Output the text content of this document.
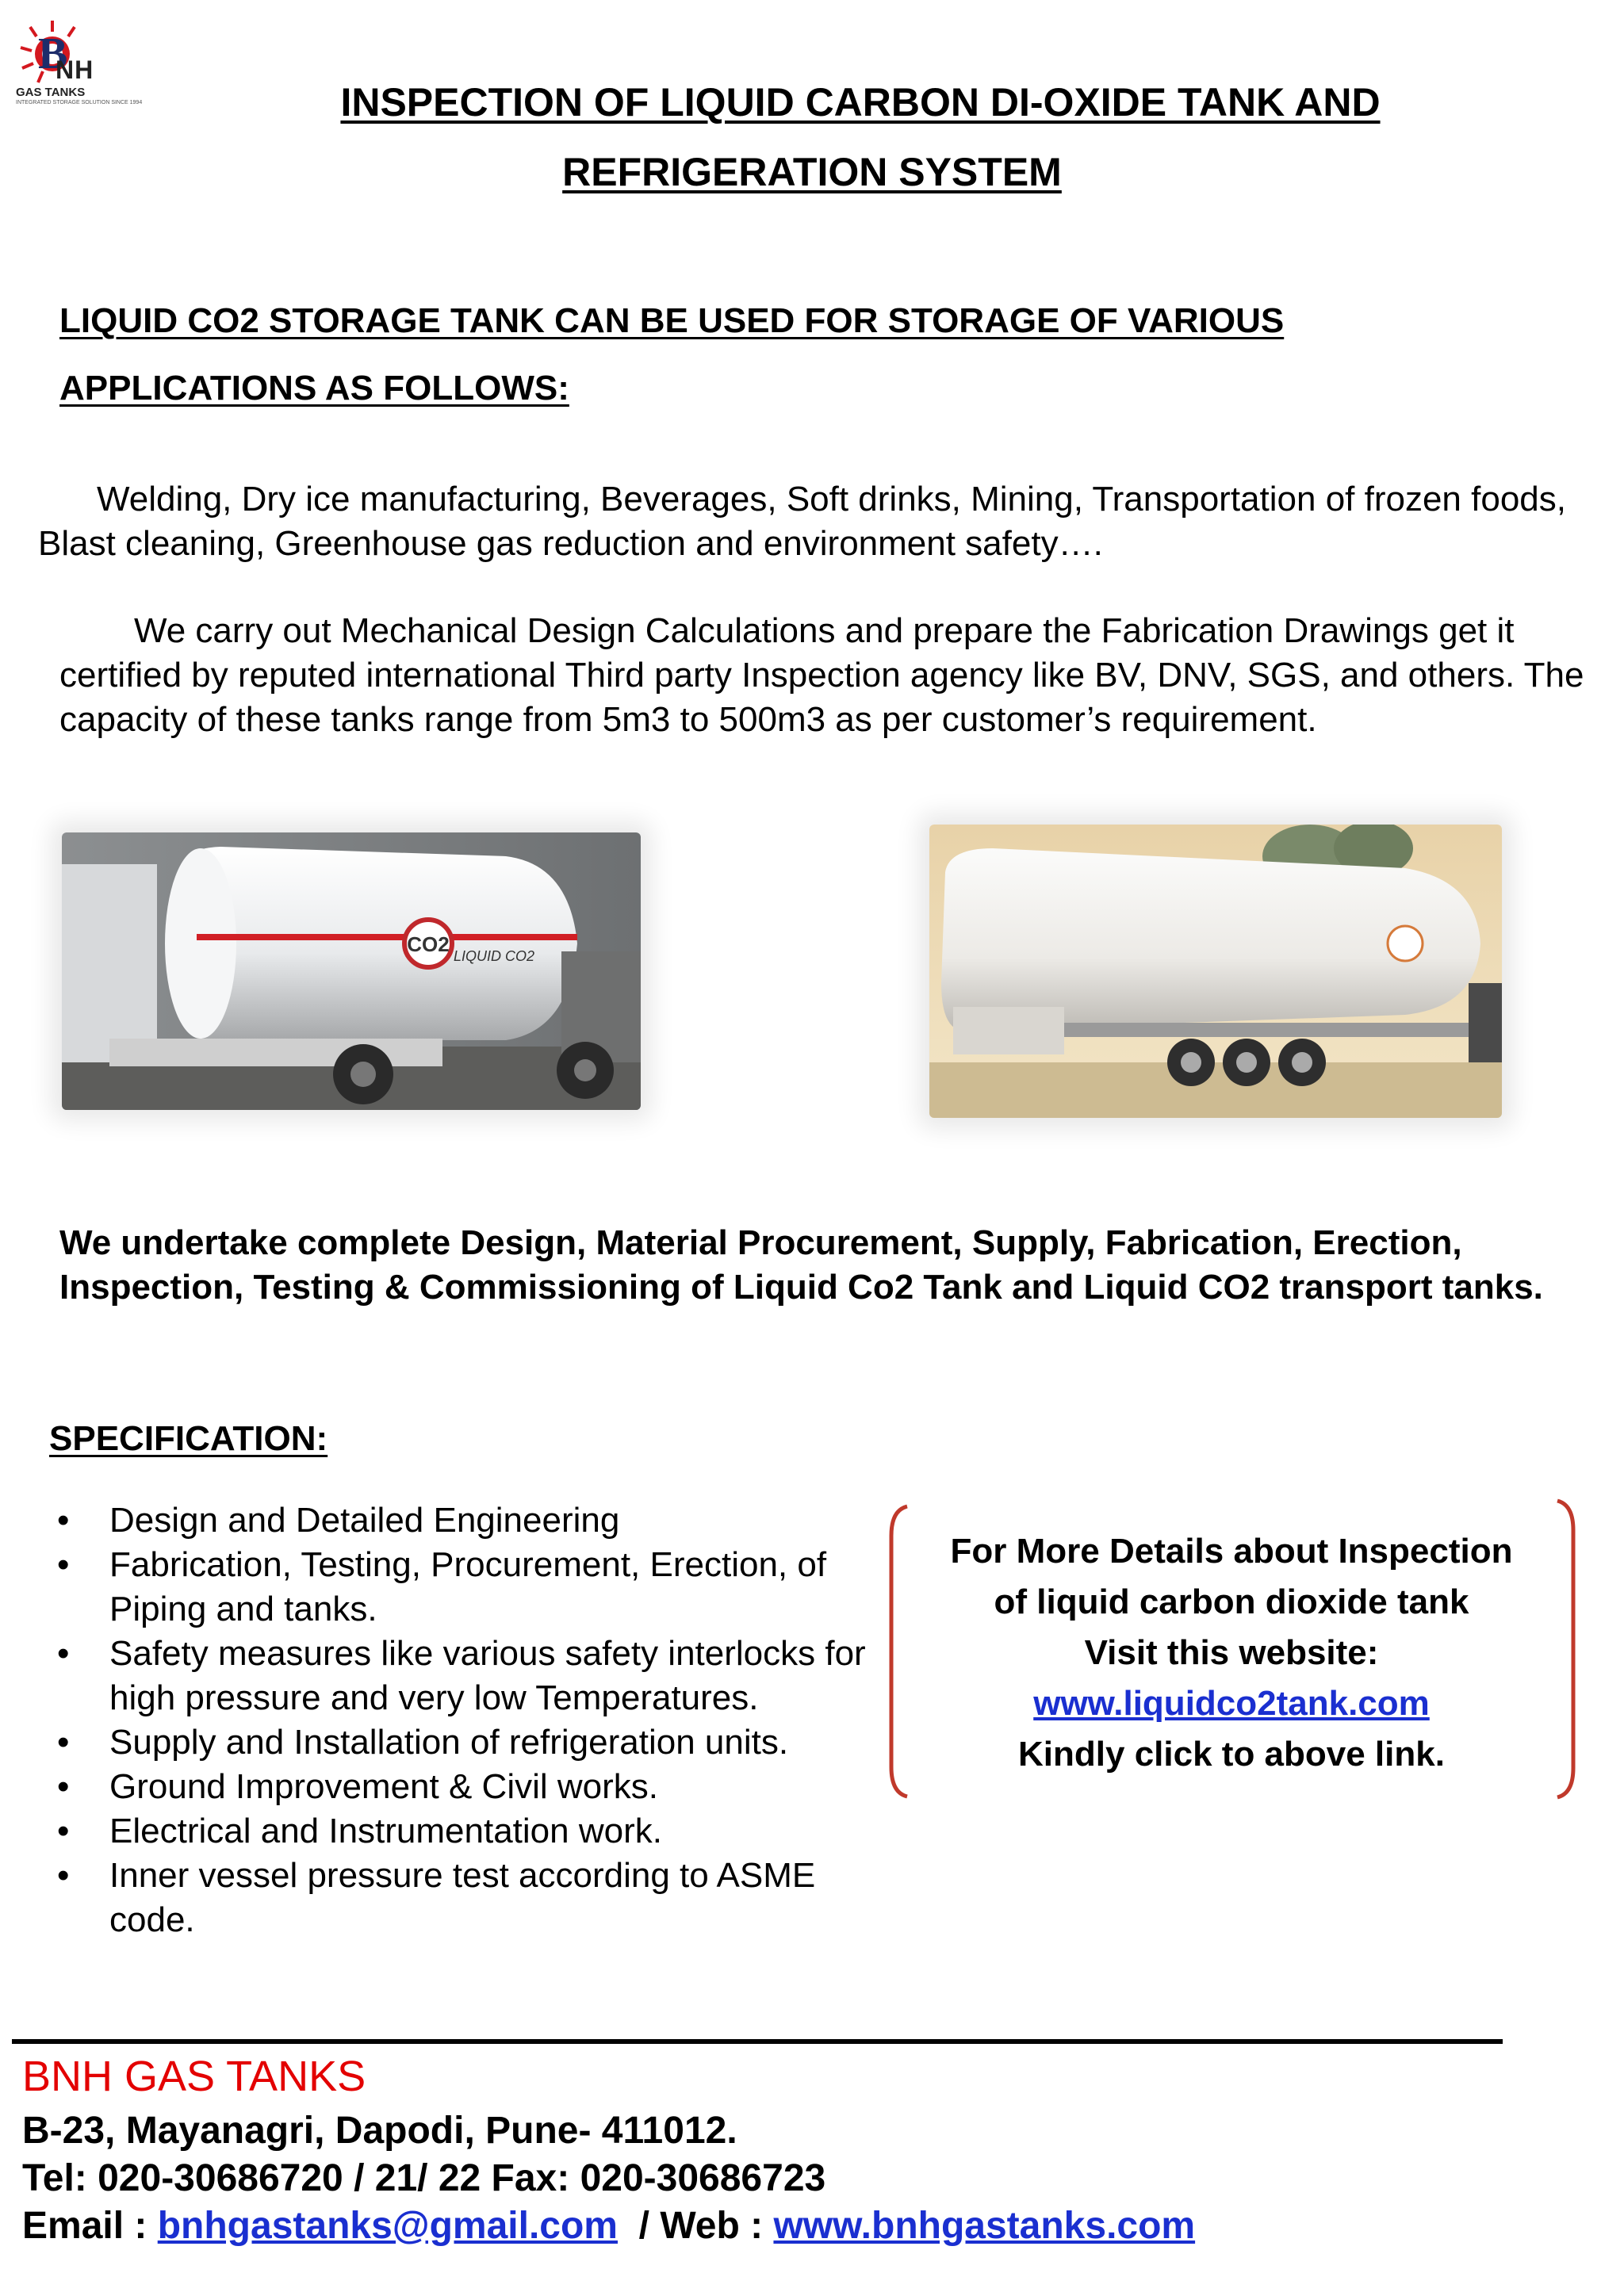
B
NH
GAS TANKS
INTEGRATED STORAGE SOLUTION SINCE 1994	INSPECTION OF LIQUID CARBON DI-OXIDE TANK AND
REFRIGERATION SYSTEM
LIQUID CO2 STORAGE TANK CAN BE USED FOR STORAGE OF VARIOUS
APPLICATIONS AS FOLLOWS:
Welding, Dry ice manufacturing, Beverages, Soft drinks, Mining, Transportation of frozen foods, Blast cleaning, Greenhouse gas reduction and environment safety….
We carry out Mechanical Design Calculations and prepare the Fabrication Drawings get it certified by reputed international Third party Inspection agency like BV, DNV, SGS, and others. The capacity of these tanks range from 5m3 to 500m3 as per customer’s requirement.
CO2 LIQUID CO2
We undertake complete Design, Material Procurement, Supply, Fabrication, Erection, Inspection, Testing & Commissioning of Liquid Co2 Tank and Liquid CO2 transport tanks.
SPECIFICATION:
• Design and Detailed Engineering
• Fabrication, Testing, Procurement, Erection, of Piping and tanks.
• Safety measures like various safety interlocks for high pressure and very low Temperatures.
• Supply and Installation of refrigeration units.
• Ground Improvement & Civil works.
• Electrical and Instrumentation work.
• Inner vessel pressure test according to ASME code.
For More Details about Inspection
of liquid carbon dioxide tank
Visit this website:
www.liquidco2tank.com
Kindly click to above link.
BNH GAS TANKS
B-23, Mayanagri, Dapodi, Pune- 411012.
Tel: 020-30686720 / 21/ 22 Fax: 020-30686723
Email : bnhgastanks@gmail.com  / Web : www.bnhgastanks.com
